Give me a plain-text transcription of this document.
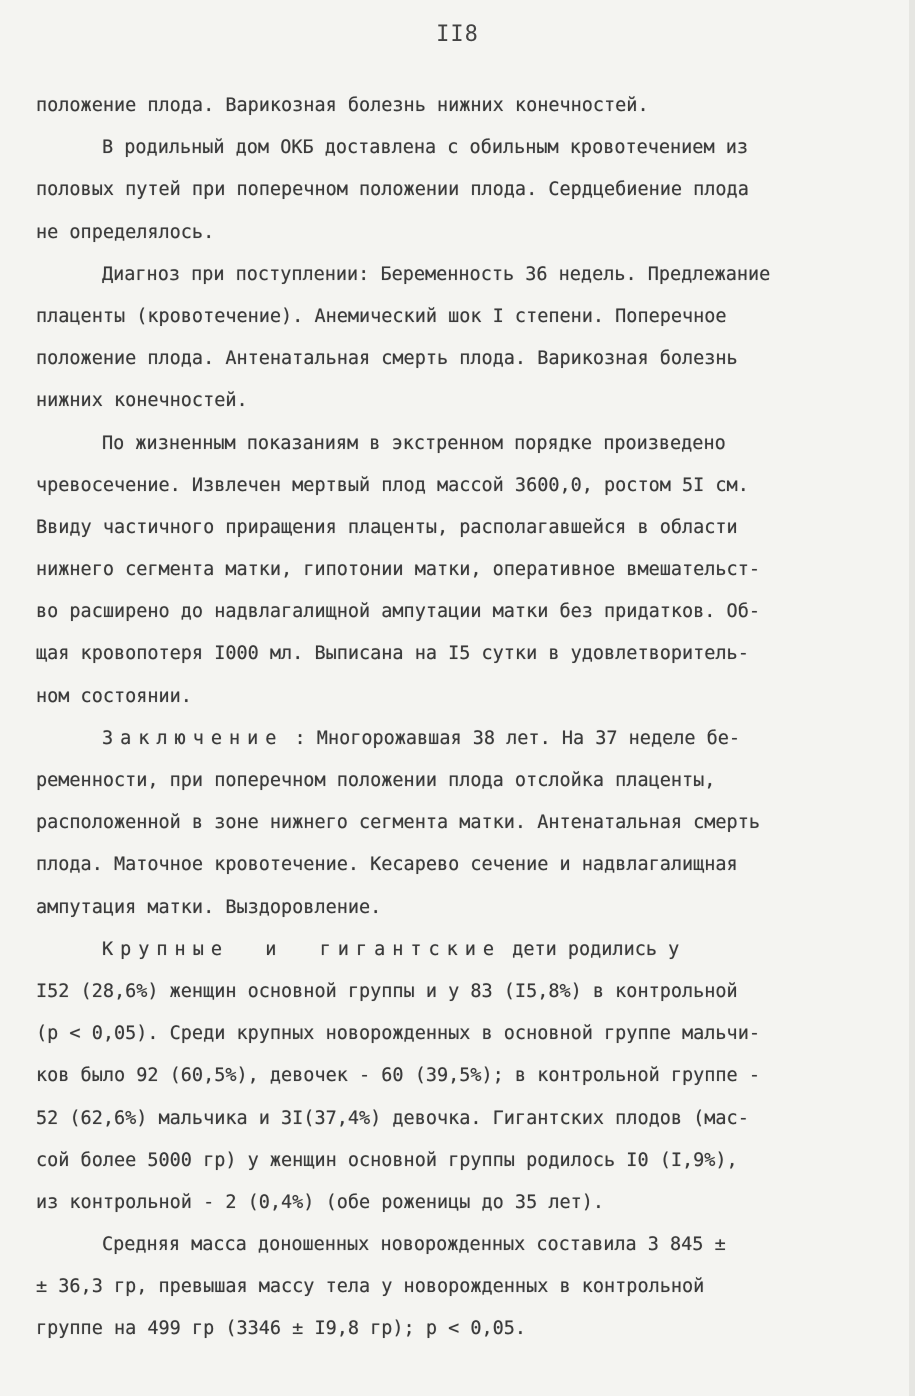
II8
положение плода. Варикозная болезнь нижних конечностей.
В родильный дом ОКБ доставлена с обильным кровотечением из
половых путей при поперечном положении плода. Сердцебиение плода
не определялось.
Диагноз при поступлении: Беременность 36 недель. Предлежание
плаценты (кровотечение). Анемический шок I степени. Поперечное
положение плода. Антенатальная смерть плода. Варикозная болезнь
нижних конечностей.
По жизненным показаниям в экстренном порядке произведено
чревосечение. Извлечен мертвый плод массой 3600,0, ростом 5I см.
Ввиду частичного приращения плаценты, располагавшейся в области
нижнего сегмента матки, гипотонии матки, оперативное вмешательст-
во расширено до надвлагалищной ампутации матки без придатков. Об-
щая кровопотеря I000 мл. Выписана на I5 сутки в удовлетворитель-
ном состоянии.
Заключение : Многорожавшая 38 лет. На 37 неделе бе-
ременности, при поперечном положении плода отслойка плаценты,
расположенной в зоне нижнего сегмента матки. Антенатальная смерть
плода. Маточное кровотечение. Кесарево сечение и надвлагалищная
ампутация матки. Выздоровление.
Крупные  и  гигантские дети родились у
I52 (28,6%) женщин основной группы и у 83 (I5,8%) в контрольной
(р < 0,05). Среди крупных новорожденных в основной группе мальчи-
ков было 92 (60,5%), девочек - 60 (39,5%); в контрольной группе -
52 (62,6%) мальчика и 3I(37,4%) девочка. Гигантских плодов (мас-
сой более 5000 гр) у женщин основной группы родилось I0 (I,9%),
из контрольной - 2 (0,4%) (обе роженицы до 35 лет).
Средняя масса доношенных новорожденных составила 3 845 ±
± 36,3 гр, превышая массу тела у новорожденных в контрольной
группе на 499 гр (3346 ± I9,8 гр); р < 0,05.
